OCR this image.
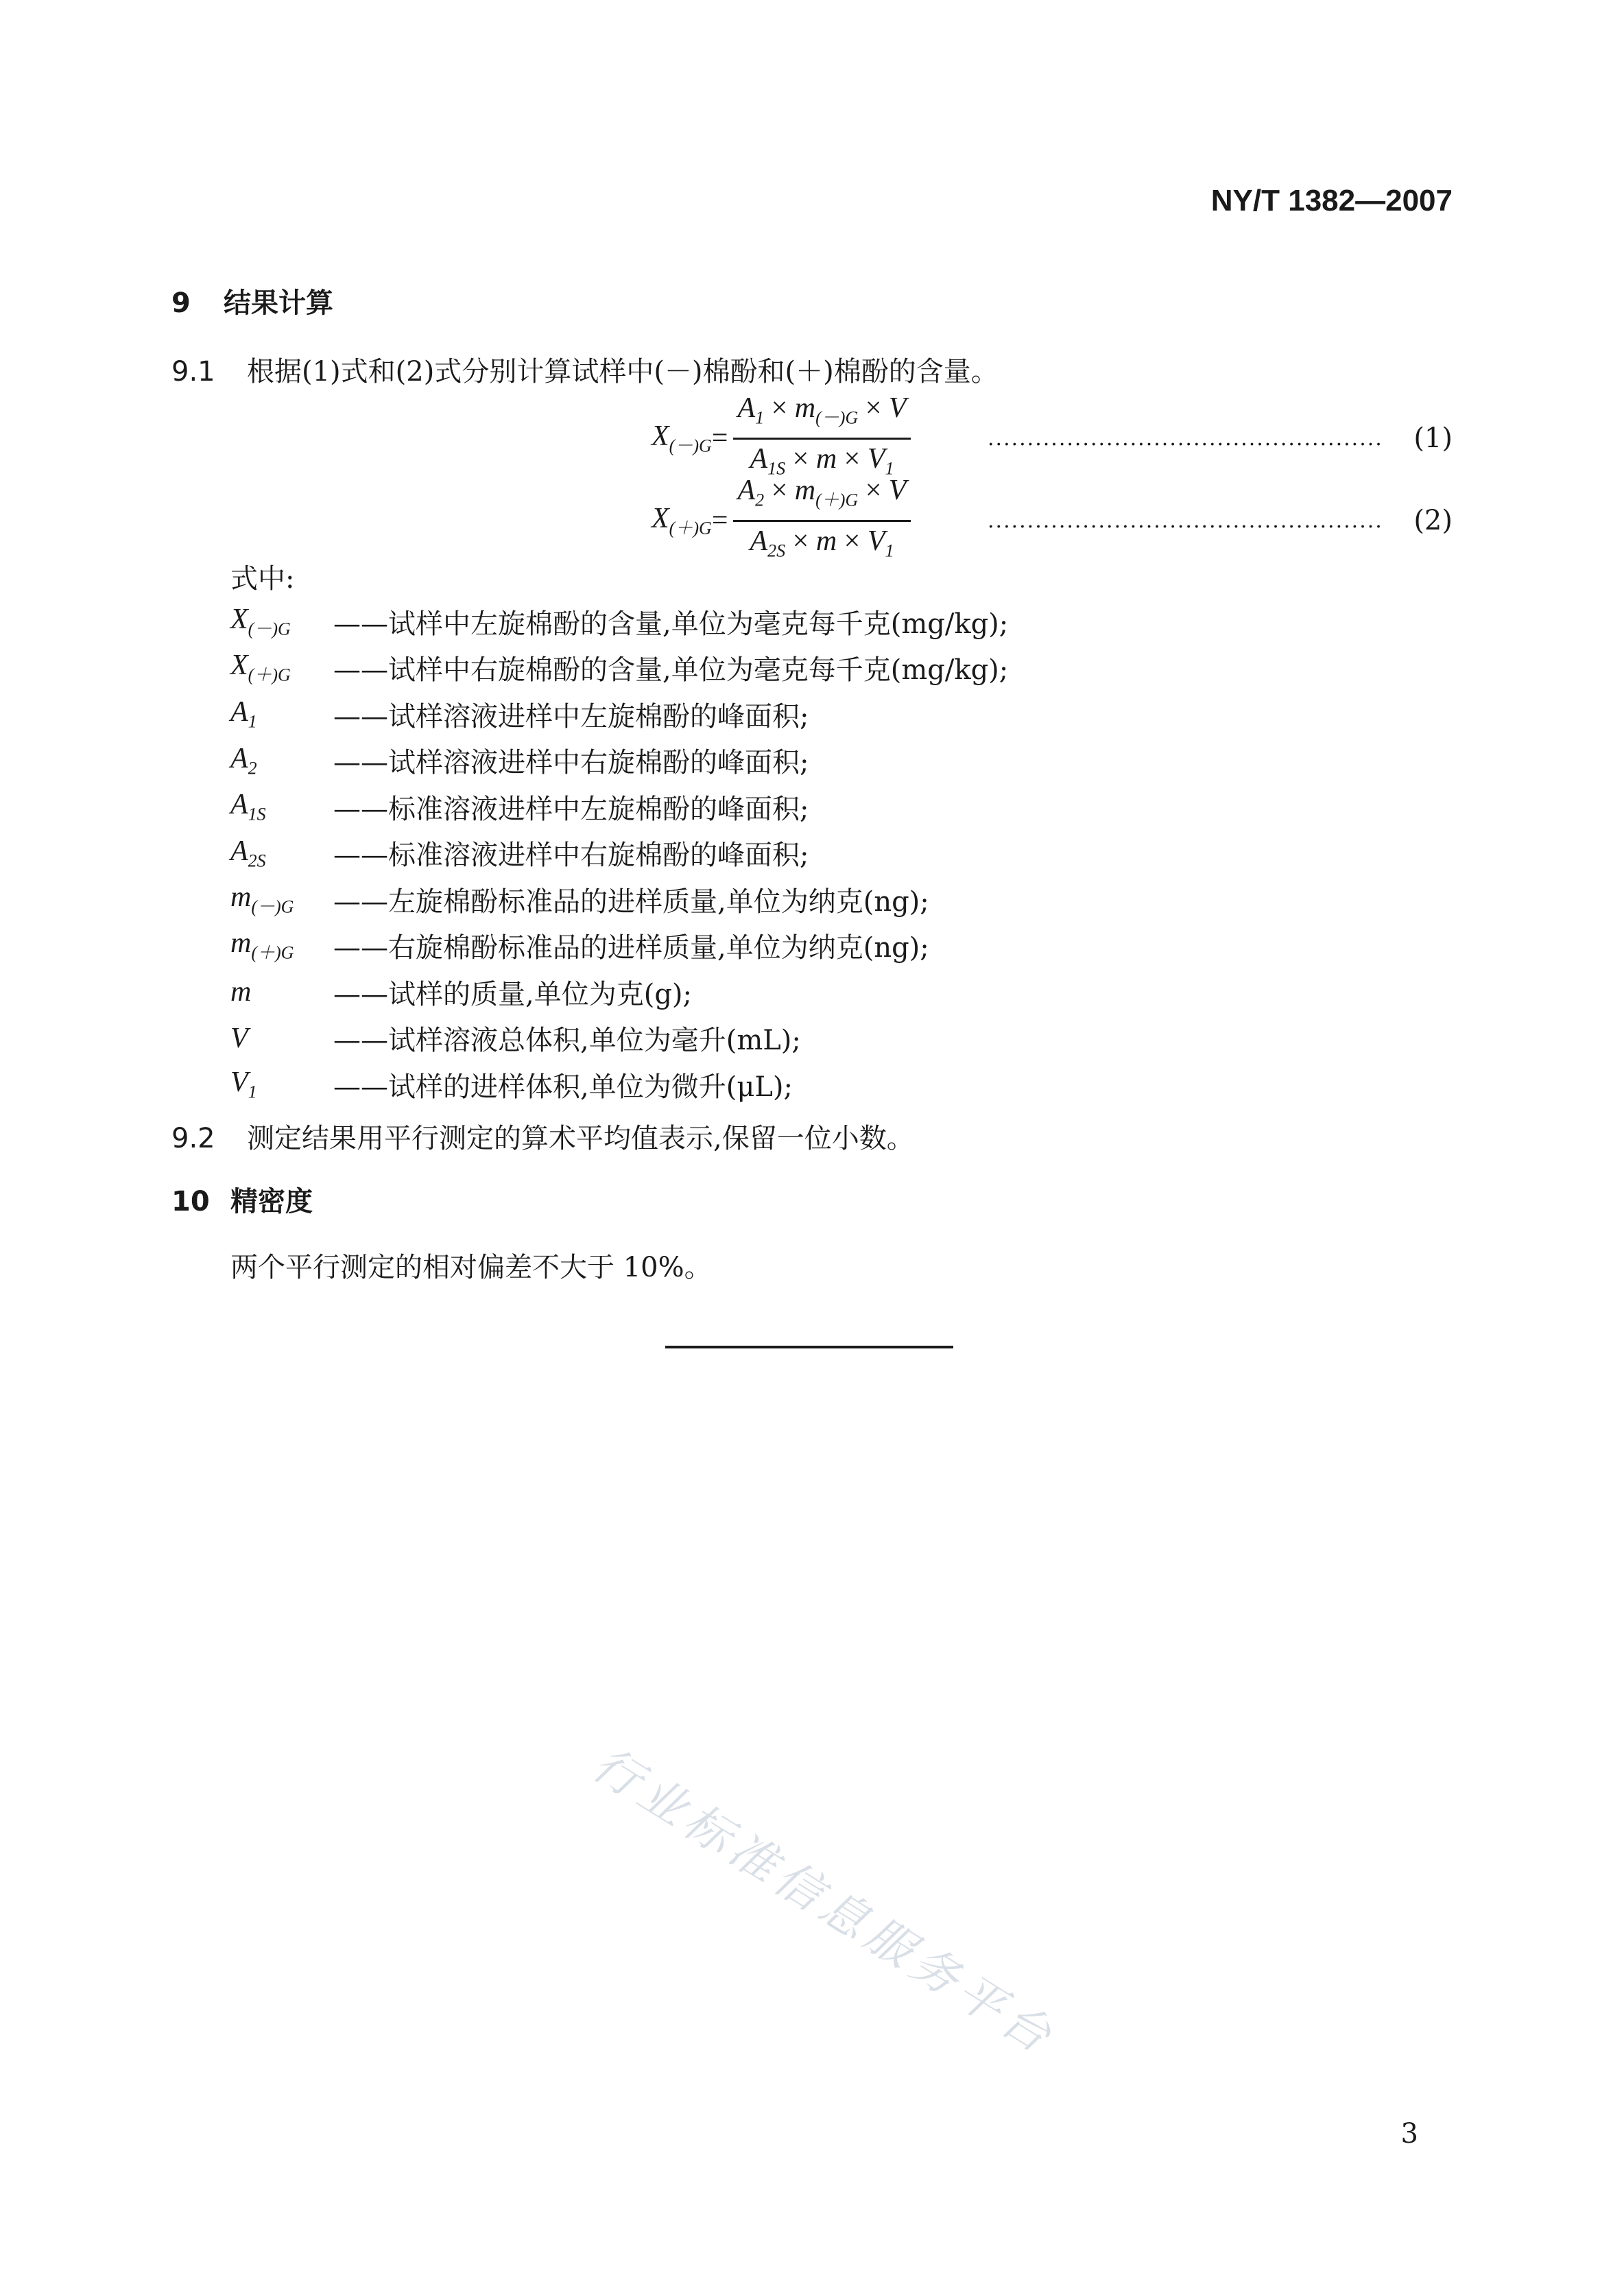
NY/T 1382—2007
9 结果计算
9.1 根据(1)式和(2)式分别计算试样中(－)棉酚和(＋)棉酚的含量。
$X_{(-)G} = \frac{A_1 \times m_{(-)G} \times V}{A_{1S} \times m \times V_1}$	.................................................. (1)
$X_{(+)G} = \frac{A_2 \times m_{(+)G} \times V}{A_{2S} \times m \times V_1}$	.................................................. (2)
式中:
$X_{(-)G}$	——试样中左旋棉酚的含量,单位为毫克每千克(mg/kg);
$X_{(+)G}$	——试样中右旋棉酚的含量,单位为毫克每千克(mg/kg);
$A_1$	——试样溶液进样中左旋棉酚的峰面积;
$A_2$	——试样溶液进样中右旋棉酚的峰面积;
$A_{1S}$	——标准溶液进样中左旋棉酚的峰面积;
$A_{2S}$	——标准溶液进样中右旋棉酚的峰面积;
$m_{(-)G}$	——左旋棉酚标准品的进样质量,单位为纳克(ng);
$m_{(+)G}$	——右旋棉酚标准品的进样质量,单位为纳克(ng);
m	——试样的质量,单位为克(g);
V	——试样溶液总体积,单位为毫升(mL);
$V_1$	——试样的进样体积,单位为微升(μL);
9.2 测定结果用平行测定的算术平均值表示,保留一位小数。
10 精密度
两个平行测定的相对偏差不大于 10%。
行业标准信息服务平台
3
